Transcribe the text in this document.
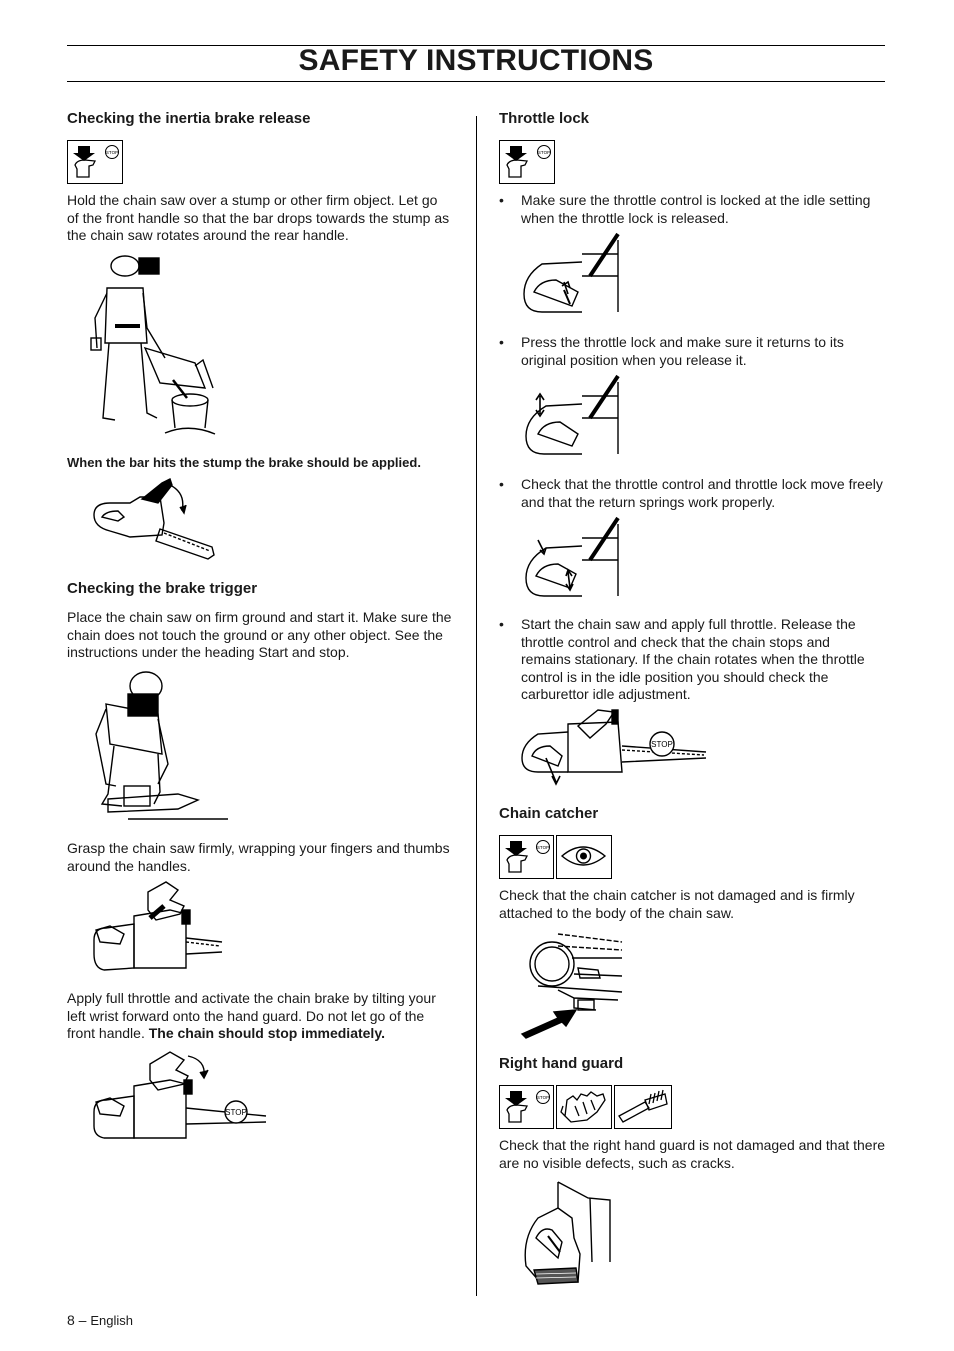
SAFETY INSTRUCTIONS
Checking the inertia brake release
STOP
Hold the chain saw over a stump or other firm object. Let go
of the front handle so that the bar drops towards the stump as
the chain saw rotates around the rear handle.
When the bar hits the stump the brake should be applied.
Checking the brake trigger
Place the chain saw on firm ground and start it. Make sure the
chain does not touch the ground or any other object. See the
instructions under the heading Start and stop.
Grasp the chain saw firmly, wrapping your fingers and thumbs
around the handles.
Apply full throttle and activate the chain brake by tilting your
left wrist forward onto the hand guard. Do not let go of the
front handle. The chain should stop immediately.
STOP
Throttle lock
STOP
• Make sure the throttle control is locked at the idle setting
when the throttle lock is released.
• Press the throttle lock and make sure it returns to its
original position when you release it.
• Check that the throttle control and throttle lock move freely
and that the return springs work properly.
• Start the chain saw and apply full throttle. Release the
throttle control and check that the chain stops and
remains stationary. If the chain rotates when the throttle
control is in the idle position you should check the
carburettor idle adjustment.
STOP
Chain catcher
STOP
Check that the chain catcher is not damaged and is firmly
attached to the body of the chain saw.
Right hand guard
STOP
Check that the right hand guard is not damaged and that there
are no visible defects, such as cracks.
8 – English
